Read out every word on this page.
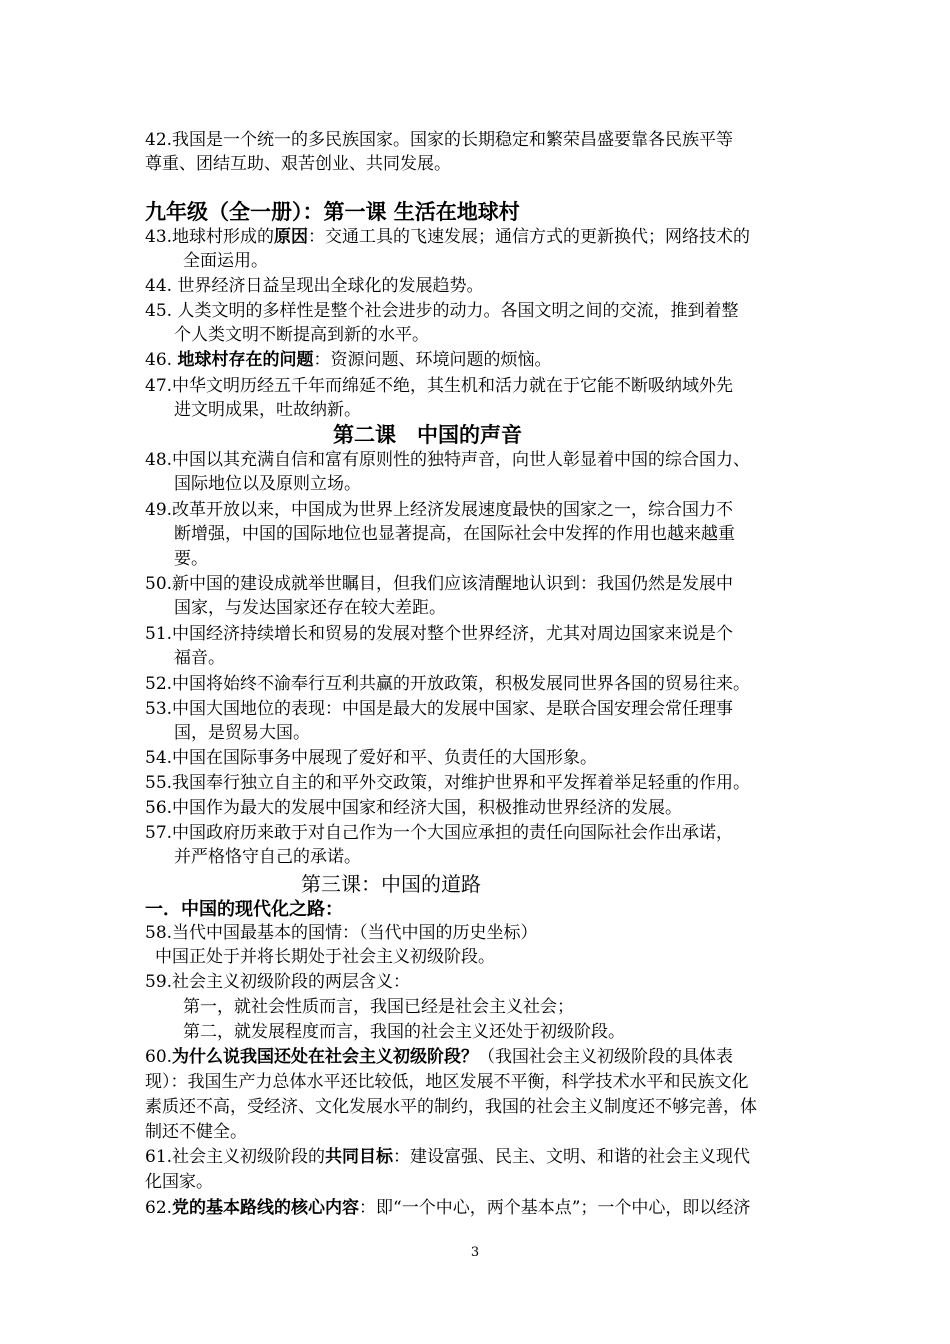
42.我国是一个统一的多民族国家。国家的长期稳定和繁荣昌盛要靠各民族平等
尊重、团结互助、艰苦创业、共同发展。
九年级（全一册）：第一课 生活在地球村
43.地球村形成的原因：交通工具的飞速发展；通信方式的更新换代；网络技术的
全面运用。
44. 世界经济日益呈现出全球化的发展趋势。
45. 人类文明的多样性是整个社会进步的动力。各国文明之间的交流，推到着整
个人类文明不断提高到新的水平。
46. 地球村存在的问题：资源问题、环境问题的烦恼。
47.中华文明历经五千年而绵延不绝，其生机和活力就在于它能不断吸纳域外先
进文明成果，吐故纳新。
第二课　中国的声音
48.中国以其充满自信和富有原则性的独特声音，向世人彰显着中国的综合国力、
国际地位以及原则立场。
49.改革开放以来，中国成为世界上经济发展速度最快的国家之一，综合国力不
断增强，中国的国际地位也显著提高，在国际社会中发挥的作用也越来越重
要。
50.新中国的建设成就举世瞩目，但我们应该清醒地认识到：我国仍然是发展中
国家，与发达国家还存在较大差距。
51.中国经济持续增长和贸易的发展对整个世界经济，尤其对周边国家来说是个
福音。
52.中国将始终不渝奉行互利共赢的开放政策，积极发展同世界各国的贸易往来。
53.中国大国地位的表现：中国是最大的发展中国家、是联合国安理会常任理事
国，是贸易大国。
54.中国在国际事务中展现了爱好和平、负责任的大国形象。
55.我国奉行独立自主的和平外交政策，对维护世界和平发挥着举足轻重的作用。
56.中国作为最大的发展中国家和经济大国，积极推动世界经济的发展。
57.中国政府历来敢于对自己作为一个大国应承担的责任向国际社会作出承诺，
并严格恪守自己的承诺。
第三课：中国的道路
一．中国的现代化之路：
58.当代中国最基本的国情：（当代中国的历史坐标）
中国正处于并将长期处于社会主义初级阶段。
59.社会主义初级阶段的两层含义：
第一，就社会性质而言，我国已经是社会主义社会；
第二，就发展程度而言，我国的社会主义还处于初级阶段。
60.为什么说我国还处在社会主义初级阶段？（我国社会主义初级阶段的具体表
现）：我国生产力总体水平还比较低，地区发展不平衡，科学技术水平和民族文化
素质还不高，受经济、文化发展水平的制约，我国的社会主义制度还不够完善，体
制还不健全。
61.社会主义初级阶段的共同目标：建设富强、民主、文明、和谐的社会主义现代
化国家。
62.党的基本路线的核心内容：即“一个中心，两个基本点”；一个中心，即以经济
3
